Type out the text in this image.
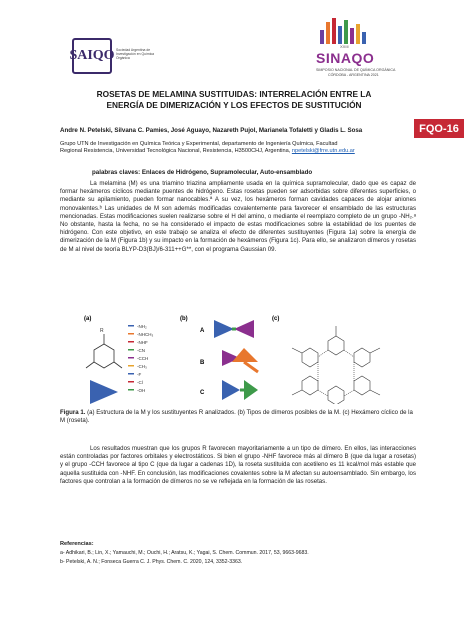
SAIQO Sociedad Argentina de Investigación en Química Orgánica
XXIII
SINAQO
SIMPOSIO NACIONAL DE QUÍMICA ORGÁNICA
CÓRDOBA - ARGENTINA 2021
ROSETAS DE MELAMINA SUSTITUIDAS: INTERRELACIÓN ENTRE LA
ENERGÍA DE DIMERIZACIÓN Y LOS EFECTOS DE SUSTITUCIÓN
Andre N. Petelski, Silvana C. Pamies, José Aguayo, Nazareth Pujol, Marianela Tofaletti y Gladis L. Sosa	FQO-16
Grupo UTN de Investigación en Química Teórica y Experimental, departamento de Ingeniería Química, Facultad
Regional Resistencia, Universidad Tecnológica Nacional, Resistencia, H3500CHJ, Argentina, npetelski@frre.utn.edu.ar
palabras claves: Enlaces de Hidrógeno, Supramolecular, Auto-ensamblado
La melamina (M) es una triamino triazina ampliamente usada en la química supramolecular, dado que es capaz de formar hexámeros cíclicos mediante puentes de hidrógeno. Estas rosetas pueden ser adsorbidas sobre diferentes superficies, o mediante su apilamiento, pueden formar nanocables.ª A su vez, los hexámeros forman cavidades capaces de alojar aniones monovalentes.ᵇ Las unidades de M son además modificadas covalentemente para favorecer el ensamblado de las estructuras mencionadas. Estas modificaciones suelen realizarse sobre el H del amino, o mediante el reemplazo completo de un grupo -NH₂.ᵃ No obstante, hasta la fecha, no se ha considerado el impacto de estas modificaciones sobre la estabilidad de los puentes de hidrógeno. Con este objetivo, en este trabajo se analiza el efecto de diferentes sustituyentes (Figura 1a) sobre la energía de dimerización de la M (Figura 1b) y su impacto en la formación de hexámeros (Figura 1c). Para ello, se analizaron dímeros y rosetas de M al nivel de teoría BLYP-D3(BJ)/6-311++G**, con el programa Gaussian 09.
(a)
R
-NH₂
-NHCH₃
-NHF
-CN
-CCH
-CH₃
-F
-Cl
-OH
(b)
A
B
C
(c)
Figura 1. (a) Estructura de la M y los sustituyentes R analizados. (b) Tipos de dímeros posibles de la M. (c) Hexámero cíclico de la M (roseta).
Los resultados muestran que los grupos R favorecen mayoritariamente a un tipo de dímero. En ellos, las interacciones están controladas por factores orbitales y electrostáticos. Si bien el grupo -NHF favorece más al dímero B (que da lugar a rosetas) y el grupo -CCH favorece al tipo C (que da lugar a cadenas 1D), la roseta sustituida con acetileno es 11 kcal/mol más estable que aquella sustituida con -NHF. En conclusión, las modificaciones covalentes sobre la M afectan su autoensamblado. Sin embargo, los factores que controlan a la formación de dímeros no se ve reflejada en la formación de las rosetas.
Referencias:
a- Adhikari, B.; Lin, X.; Yamauchi, M.; Ouchi, H.; Aratsu, K.; Yagai, S. Chem. Commun. 2017, 53, 9663-9683.
b- Petelski, A. N.; Fonseca Guerra C. J. Phys. Chem. C. 2020, 124, 3352-3363.
